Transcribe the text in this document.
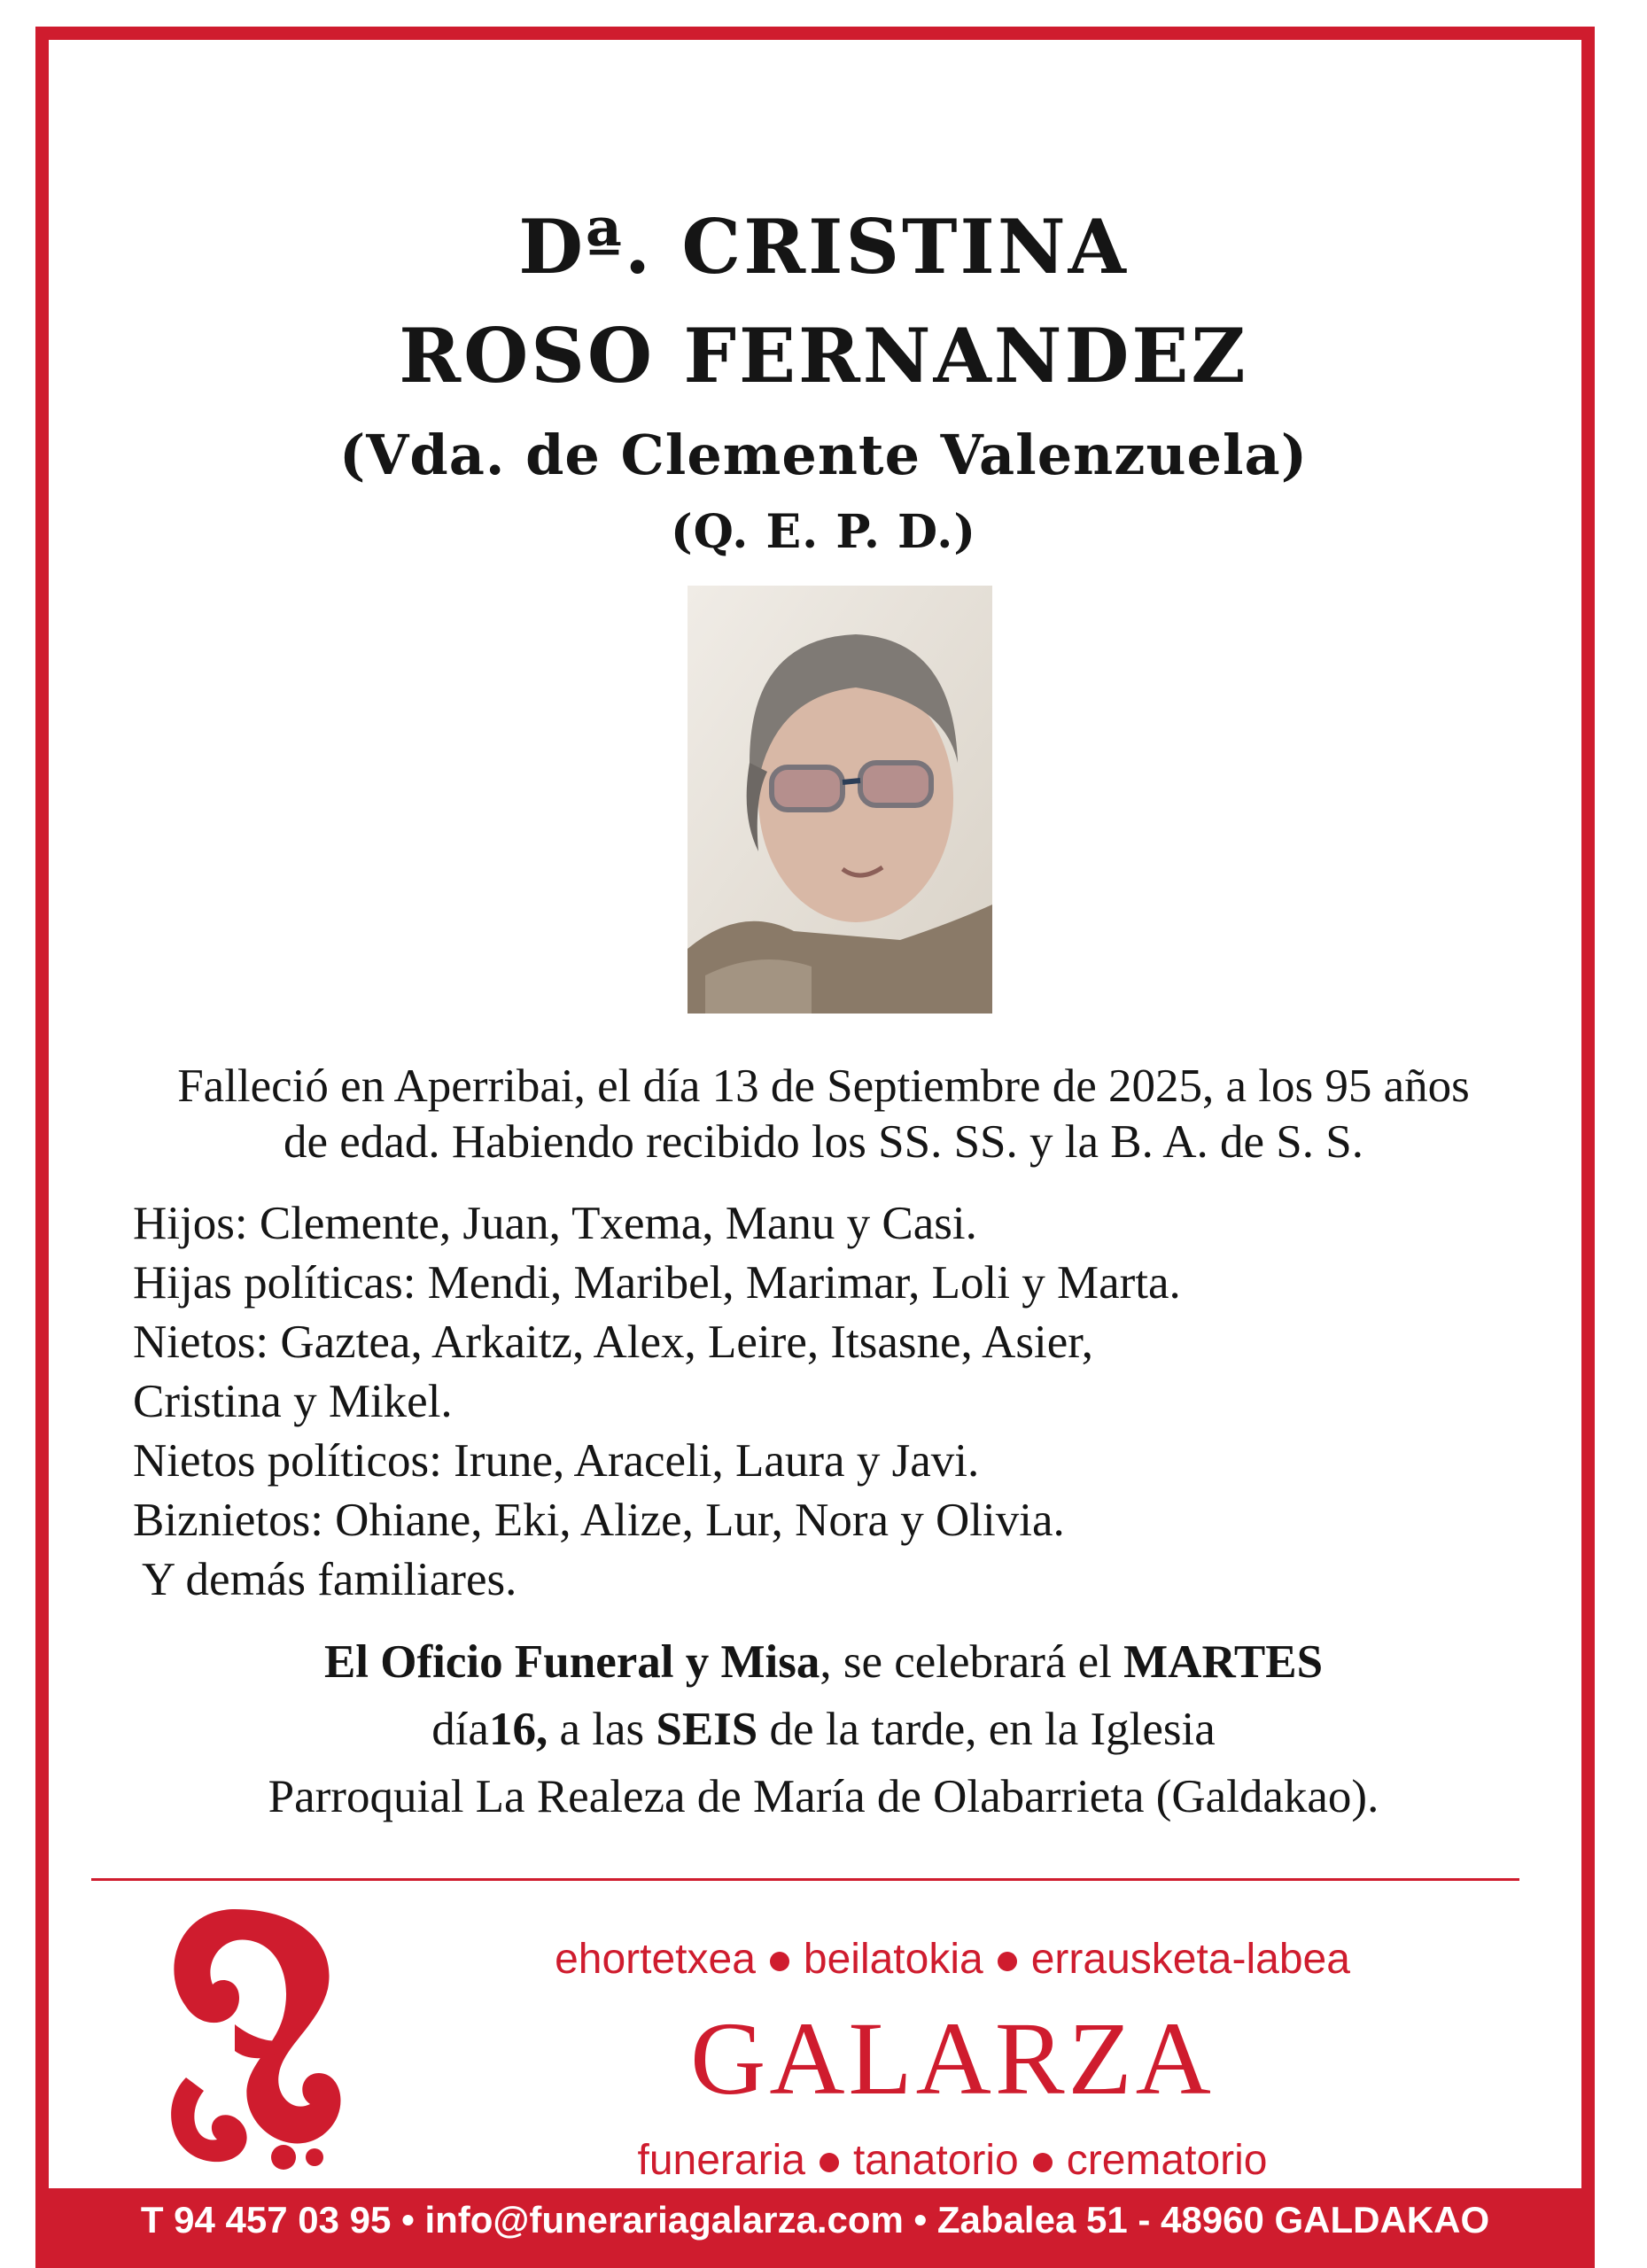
Dª. CRISTINA
ROSO FERNANDEZ
(Vda. de Clemente Valenzuela)
(Q. E. P. D.)
Falleció en Aperribai, el día 13 de Septiembre de 2025, a los 95 años
de edad. Habiendo recibido los SS. SS. y la B. A. de S. S.
Hijos: Clemente, Juan, Txema, Manu y Casi.
Hijas políticas: Mendi, Maribel, Marimar, Loli y Marta.
Nietos: Gaztea, Arkaitz, Alex, Leire, Itsasne, Asier,
Cristina y Mikel.
Nietos políticos: Irune, Araceli, Laura y Javi.
Biznietos: Ohiane, Eki, Alize, Lur, Nora y Olivia.
Y demás familiares.
El Oficio Funeral y Misa, se celebrará el MARTES
día16, a las SEIS de la tarde, en la Iglesia
Parroquial La Realeza de María de Olabarrieta (Galdakao).
ehortetxea beilatokia errausketa-labea
GALARZA
funeraria tanatorio crematorio
T 94 457 03 95 • info@funerariagalarza.com • Zabalea 51 - 48960 GALDAKAO
